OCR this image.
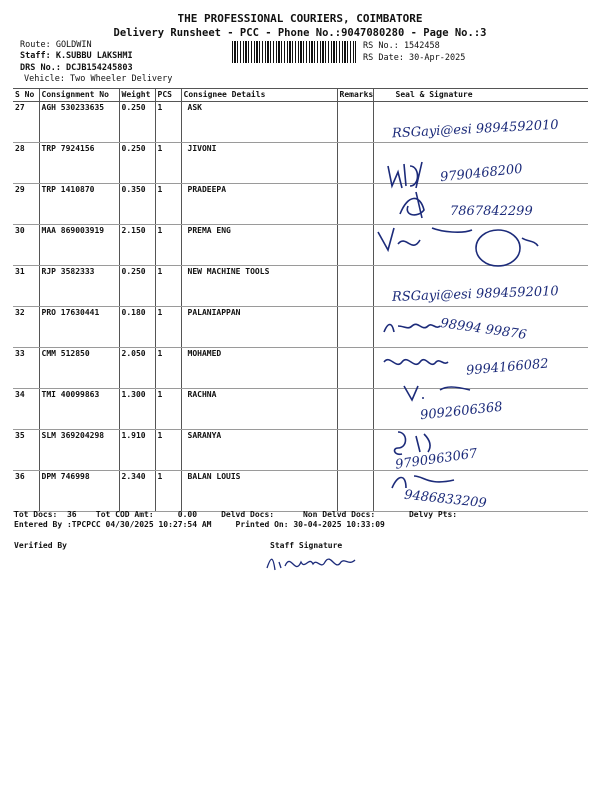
THE PROFESSIONAL COURIERS, COIMBATORE
Delivery Runsheet - PCC - Phone No.:9047080280 - Page No.:3
Route: GOLDWIN
Staff: K.SUBBU LAKSHMI
DRS No.: DCJB154245803
Vehicle: Two Wheeler Delivery
RS No.: 1542458
RS Date: 30-Apr-2025
S No	Consignment No	Weight	PCS	Consignee Details	Remarks	Seal & Signature
27	AGH 530233635	0.250	1	ASK		
28	TRP 7924156	0.250	1	JIVONI		
29	TRP 1410870	0.350	1	PRADEEPA		
30	MAA 869003919	2.150	1	PREMA ENG		
31	RJP 3582333	0.250	1	NEW MACHINE TOOLS		
32	PRO 17630441	0.180	1	PALANIAPPAN		
33	CMM 512850	2.050	1	MOHAMED		
34	TMI 40099863	1.300	1	RACHNA		
35	SLM 369204298	1.910	1	SARANYA		
36	DPM 746998	2.340	1	BALAN LOUIS		
RSGayi@esi 9894592010
9790468200
7867842299
RSGayi@esi 9894592010
98994 99876
9994166082
9092606368
9790963067
9486833209
Tot Docs:  36    Tot COD Amt:     0.00     Delvd Docs:      Non Delvd Docs:       Delvy Pts:
Entered By :TPCPCC 04/30/2025 10:27:54 AM     Printed On: 30-04-2025 10:33:09
Verified By	Staff Signature
